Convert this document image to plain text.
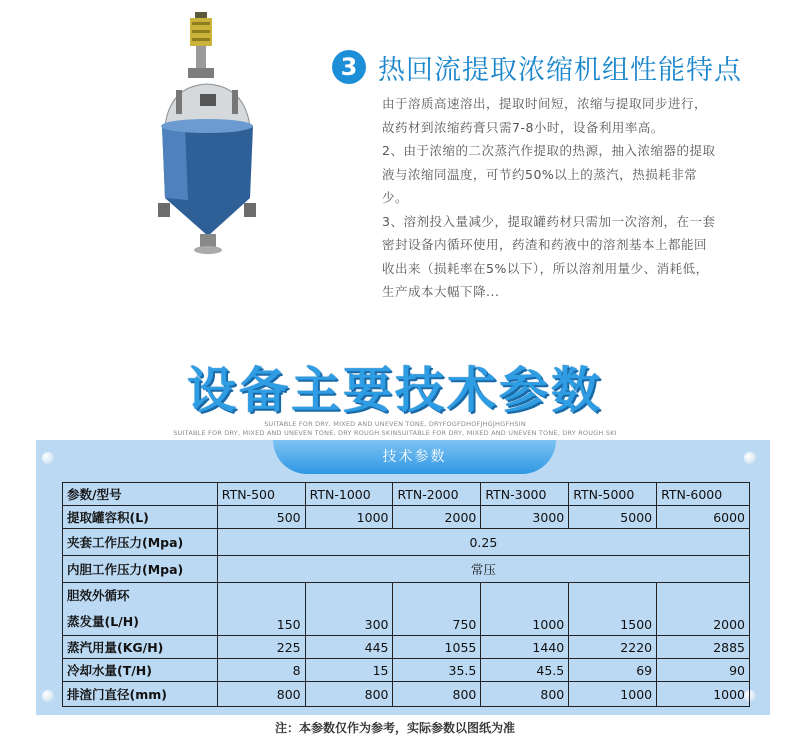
3 热回流提取浓缩机组性能特点

由于溶质高速溶出，提取时间短，浓缩与提取同步进行，故药材到浓缩药膏只需7-8小时，设备利用率高。

2、由于浓缩的二次蒸汽作提取的热源，抽入浓缩器的提取液与浓缩同温度，可节约50%以上的蒸汽，热损耗非常少。

3、溶剂投入量减少，提取罐药材只需加一次溶剂，在一套密封设备内循环使用，药渣和药液中的溶剂基本上都能回收出来（损耗率在5%以下），所以溶剂用量少、消耗低，生产成本大幅下降...

设备主要技术参数
SUITABLE FOR DRY, MIXED AND UNEVEN TONE, DRYFOGFDHOFJHGJHGFHSIN
SUITABLE FOR DRY, MIXED AND UNEVEN TONE, DRY ROUGH SKINSUITABLE FOR DRY, MIXED AND UNEVEN TONE, DRY ROUGH SKI
技术参数
参数/型号	RTN-500	RTN-1000	RTN-2000	RTN-3000	RTN-5000	RTN-6000
提取罐容积(L)	500	1000	2000	3000	5000	6000
夹套工作压力(Mpa)	0.25					
内胆工作压力(Mpa)	常压					

胆效外循环
蒸发量(L/H)	150	300	750	1000	1500	2000
蒸汽用量(KG/H)	225	445	1055	1440	2220	2885
冷却水量(T/H)	8	15	35.5	45.5	69	90
排渣门直径(mm)	800	800	800	800	1000	1000
注：本参数仅作为参考，实际参数以图纸为准
